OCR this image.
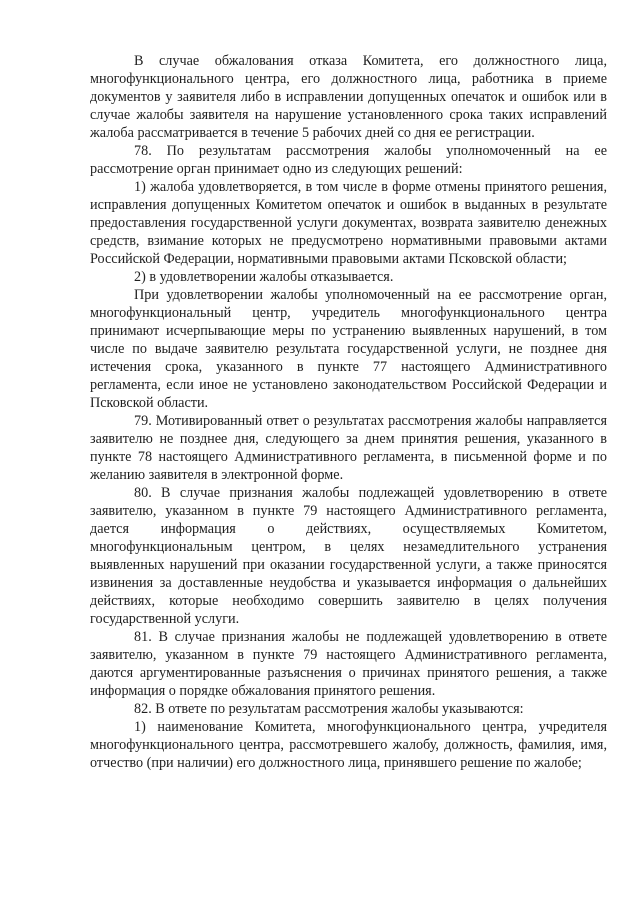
В случае обжалования отказа Комитета, его должностного лица, многофункционального центра, его должностного лица, работника в приеме документов у заявителя либо в исправлении допущенных опечаток и ошибок или в случае жалобы заявителя на нарушение установленного срока таких исправлений жалоба рассматривается в течение 5 рабочих дней со дня ее регистрации.

78. По результатам рассмотрения жалобы уполномоченный на ее рассмотрение орган принимает одно из следующих решений:

1) жалоба удовлетворяется, в том числе в форме отмены принятого решения, исправления допущенных Комитетом опечаток и ошибок в выданных в результате предоставления государственной услуги документах, возврата заявителю денежных средств, взимание которых не предусмотрено нормативными правовыми актами Российской Федерации, нормативными правовыми актами Псковской области;

2) в удовлетворении жалобы отказывается.

При удовлетворении жалобы уполномоченный на ее рассмотрение орган, многофункциональный центр, учредитель многофункционального центра принимают исчерпывающие меры по устранению выявленных нарушений, в том числе по выдаче заявителю результата государственной услуги, не позднее дня истечения срока, указанного в пункте 77 настоящего Административного регламента, если иное не установлено законодательством Российской Федерации и Псковской области.

79. Мотивированный ответ о результатах рассмотрения жалобы направляется заявителю не позднее дня, следующего за днем принятия решения, указанного в пункте 78 настоящего Административного регламента, в письменной форме и по желанию заявителя в электронной форме.

80. В случае признания жалобы подлежащей удовлетворению в ответе заявителю, указанном в пункте 79 настоящего Административного регламента, дается информация о действиях, осуществляемых Комитетом, многофункциональным центром, в целях незамедлительного устранения выявленных нарушений при оказании государственной услуги, а также приносятся извинения за доставленные неудобства и указывается информация о дальнейших действиях, которые необходимо совершить заявителю в целях получения государственной услуги.

81. В случае признания жалобы не подлежащей удовлетворению в ответе заявителю, указанном в пункте 79 настоящего Административного регламента, даются аргументированные разъяснения о причинах принятого решения, а также информация о порядке обжалования принятого решения.

82. В ответе по результатам рассмотрения жалобы указываются:

1) наименование Комитета, многофункционального центра, учредителя многофункционального центра, рассмотревшего жалобу, должность, фамилия, имя, отчество (при наличии) его должностного лица, принявшего решение по жалобе;
